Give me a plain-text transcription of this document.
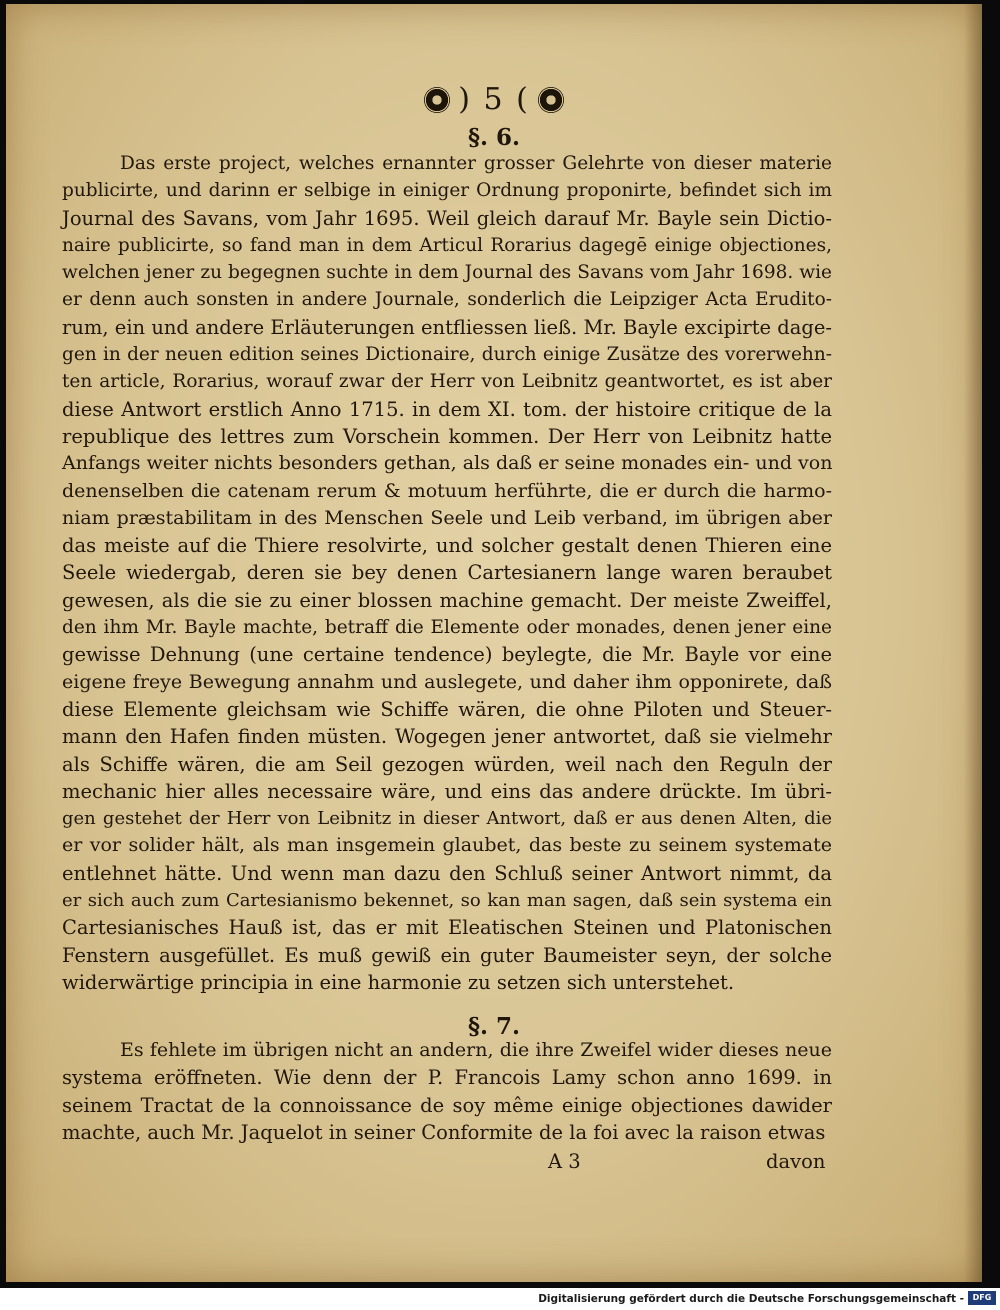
) 5 (
§. 6.
Das erste project, welches ernannter grosser Gelehrte von dieser materie
publicirte, und darinn er selbige in einiger Ordnung proponirte, befindet sich im
Journal des Savans, vom Jahr 1695. Weil gleich darauf Mr. Bayle sein Dictio-
naire publicirte, so fand man in dem Articul Rorarius dagegē einige objectiones,
welchen jener zu begegnen suchte in dem Journal des Savans vom Jahr 1698. wie
er denn auch sonsten in andere Journale, sonderlich die Leipziger Acta Erudito-
rum, ein und andere Erläuterungen entfliessen ließ. Mr. Bayle excipirte dage-
gen in der neuen edition seines Dictionaire, durch einige Zusätze des vorerwehn-
ten article, Rorarius, worauf zwar der Herr von Leibnitz geantwortet, es ist aber
diese Antwort erstlich Anno 1715. in dem XI. tom. der histoire critique de la
republique des lettres zum Vorschein kommen. Der Herr von Leibnitz hatte
Anfangs weiter nichts besonders gethan, als daß er seine monades ein- und von
denenselben die catenam rerum & motuum herführte, die er durch die harmo-
niam præstabilitam in des Menschen Seele und Leib verband, im übrigen aber
das meiste auf die Thiere resolvirte, und solcher gestalt denen Thieren eine
Seele wiedergab, deren sie bey denen Cartesianern lange waren beraubet
gewesen, als die sie zu einer blossen machine gemacht. Der meiste Zweiffel,
den ihm Mr. Bayle machte, betraff die Elemente oder monades, denen jener eine
gewisse Dehnung (une certaine tendence) beylegte, die Mr. Bayle vor eine
eigene freye Bewegung annahm und auslegete, und daher ihm opponirete, daß
diese Elemente gleichsam wie Schiffe wären, die ohne Piloten und Steuer-
mann den Hafen finden müsten. Wogegen jener antwortet, daß sie vielmehr
als Schiffe wären, die am Seil gezogen würden, weil nach den Reguln der
mechanic hier alles necessaire wäre, und eins das andere drückte. Im übri-
gen gestehet der Herr von Leibnitz in dieser Antwort, daß er aus denen Alten, die
er vor solider hält, als man insgemein glaubet, das beste zu seinem systemate
entlehnet hätte. Und wenn man dazu den Schluß seiner Antwort nimmt, da
er sich auch zum Cartesianismo bekennet, so kan man sagen, daß sein systema ein
Cartesianisches Hauß ist, das er mit Eleatischen Steinen und Platonischen
Fenstern ausgefüllet. Es muß gewiß ein guter Baumeister seyn, der solche
widerwärtige principia in eine harmonie zu setzen sich unterstehet.
§. 7.
Es fehlete im übrigen nicht an andern, die ihre Zweifel wider dieses neue
systema eröffneten. Wie denn der P. Francois Lamy schon anno 1699. in
seinem Tractat de la connoissance de soy même einige objectiones dawider
machte, auch Mr. Jaquelot in seiner Conformite de la foi avec la raison etwas
A 3	davon
Digitalisierung gefördert durch die Deutsche Forschungsgemeinschaft -	DFG
